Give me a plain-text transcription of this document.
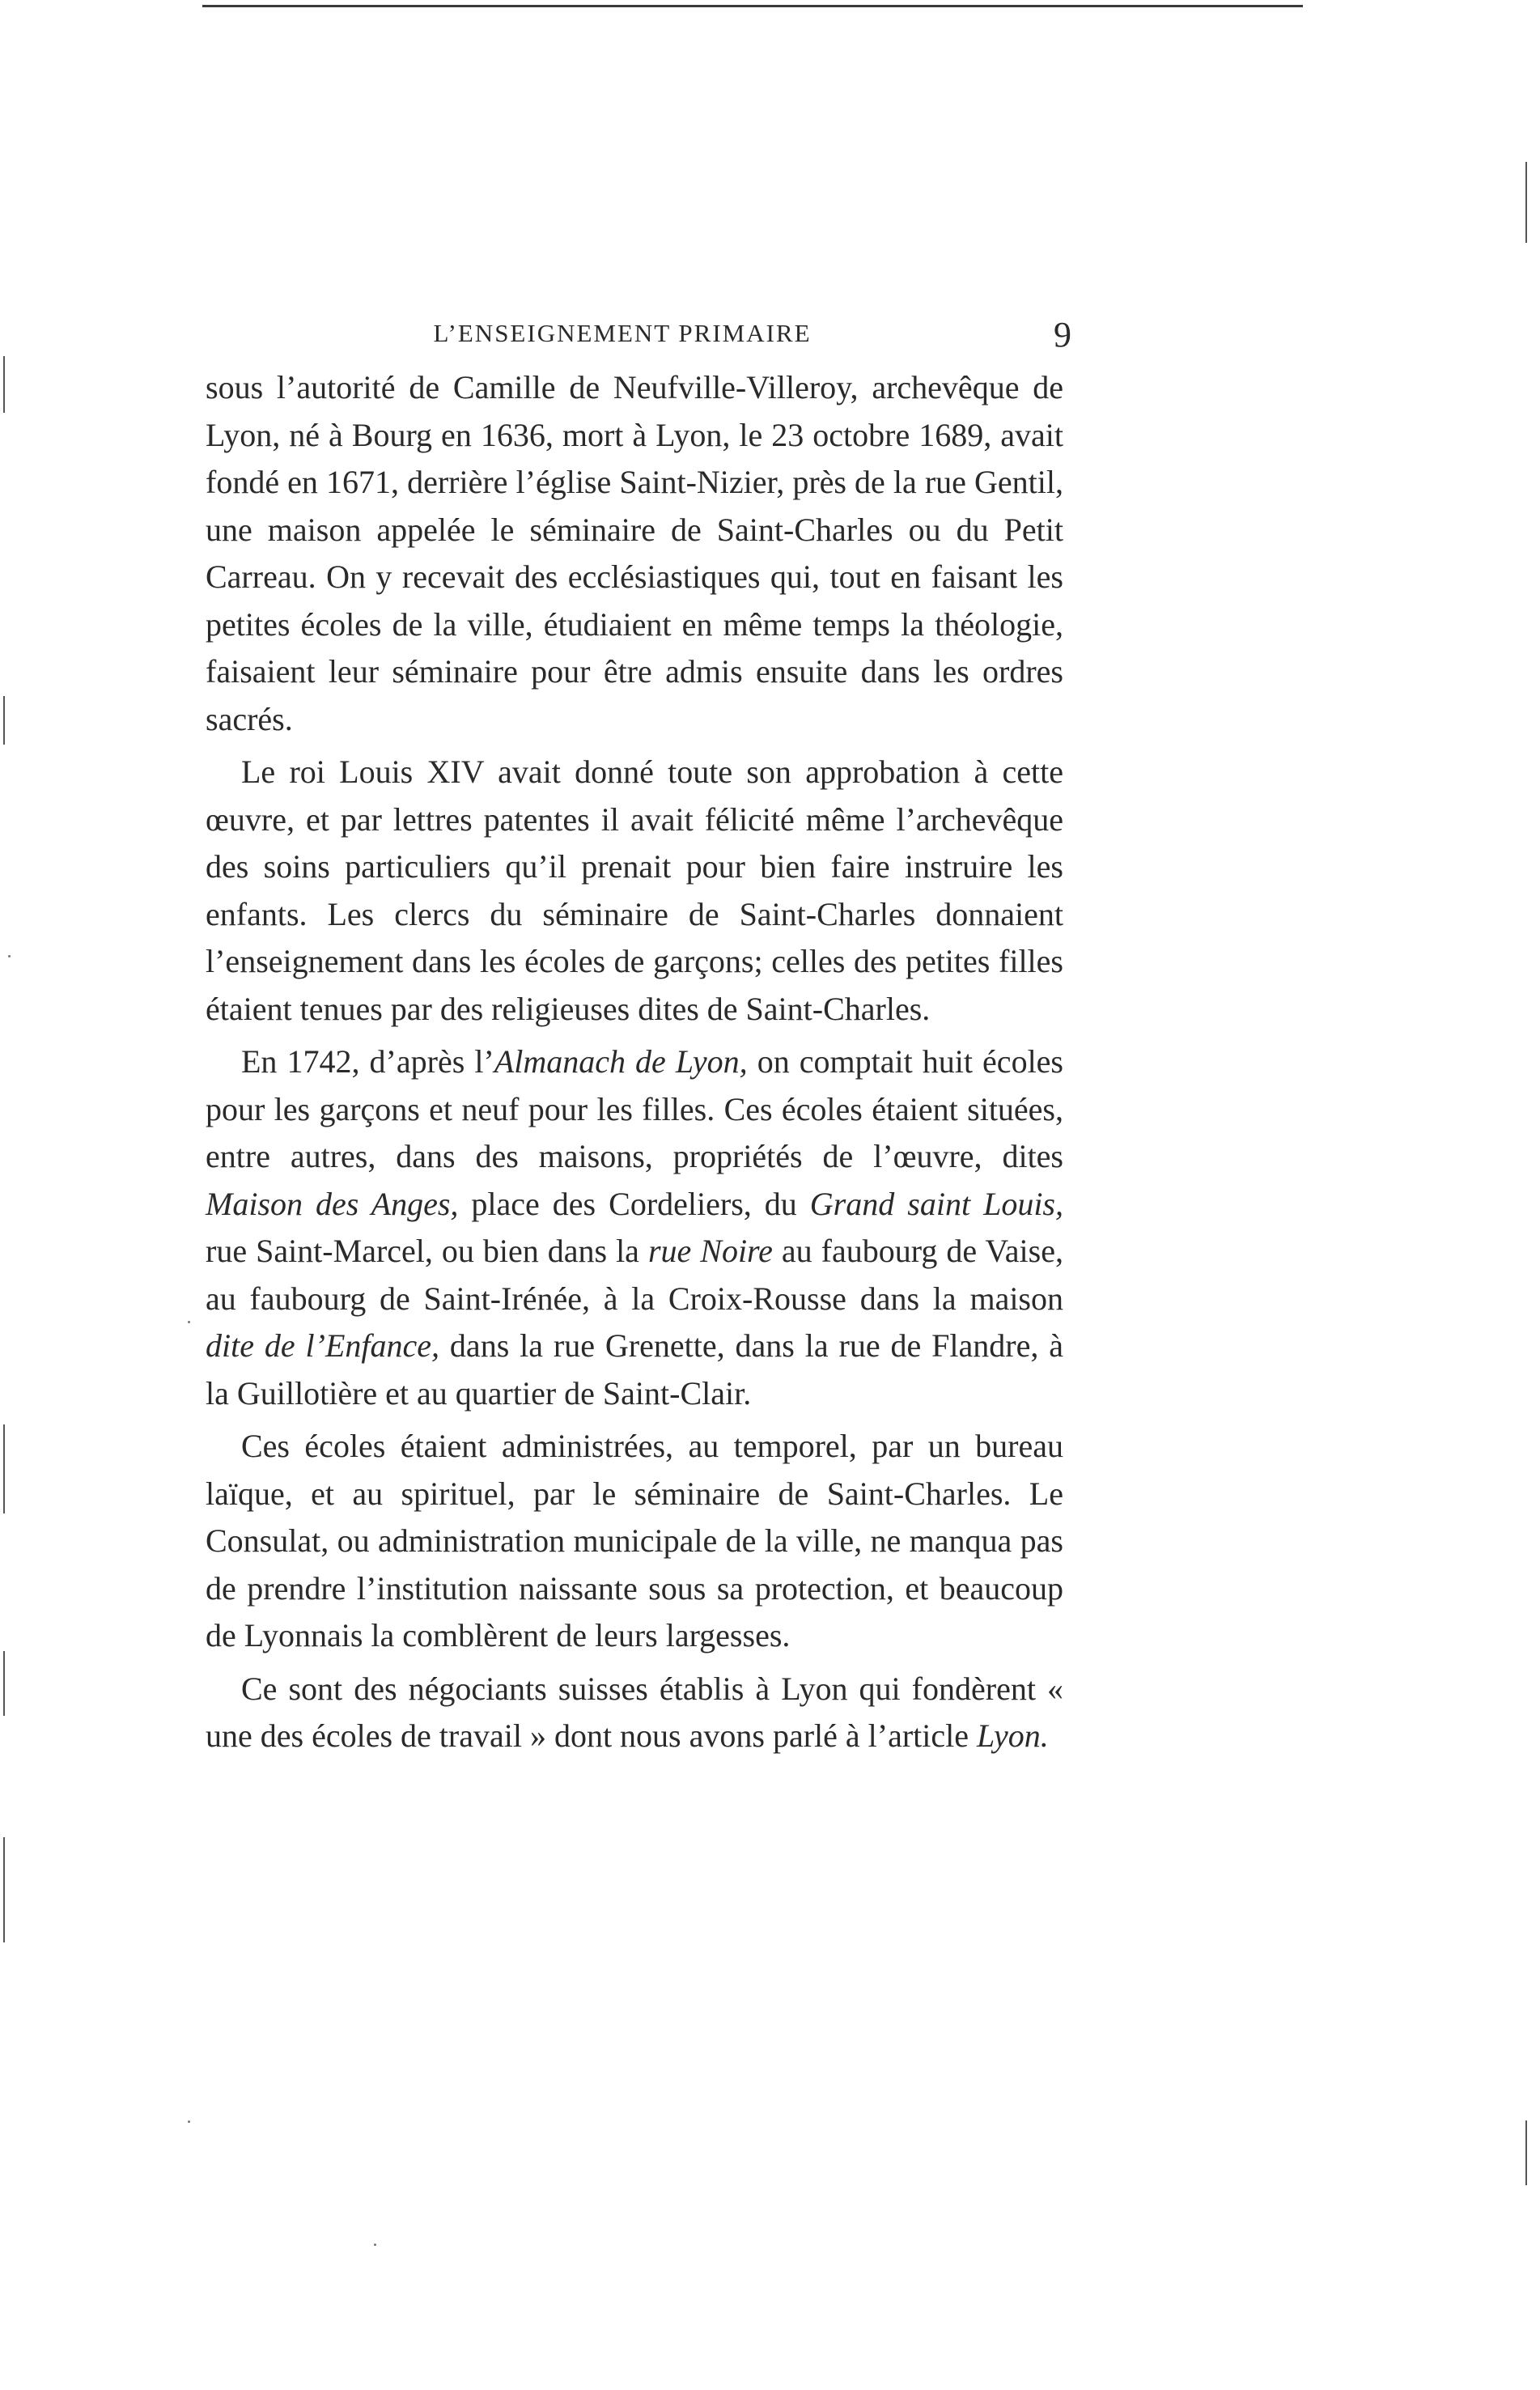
L’ENSEIGNEMENT PRIMAIRE	9

sous l’autorité de Camille de Neufville-Villeroy, archevêque de Lyon, né à Bourg en 1636, mort à Lyon, le 23 octobre 1689, avait fondé en 1671, derrière l’église Saint-Nizier, près de la rue Gentil, une maison appelée le séminaire de Saint-Charles ou du Petit Carreau. On y recevait des ecclésiastiques qui, tout en faisant les petites écoles de la ville, étudiaient en même temps la théologie, faisaient leur séminaire pour être admis ensuite dans les ordres sacrés.

Le roi Louis XIV avait donné toute son approbation à cette œuvre, et par lettres patentes il avait félicité même l’archevêque des soins particuliers qu’il prenait pour bien faire instruire les enfants. Les clercs du séminaire de Saint-Charles donnaient l’enseignement dans les écoles de garçons; celles des petites filles étaient tenues par des religieuses dites de Saint-Charles.

En 1742, d’après l’Almanach de Lyon, on comptait huit écoles pour les garçons et neuf pour les filles. Ces écoles étaient situées, entre autres, dans des maisons, propriétés de l’œuvre, dites Maison des Anges, place des Cordeliers, du Grand saint Louis, rue Saint-Marcel, ou bien dans la rue Noire au faubourg de Vaise, au faubourg de Saint-Irénée, à la Croix-Rousse dans la maison dite de l’Enfance, dans la rue Grenette, dans la rue de Flandre, à la Guillotière et au quartier de Saint-Clair.

Ces écoles étaient administrées, au temporel, par un bureau laïque, et au spirituel, par le séminaire de Saint-Charles. Le Consulat, ou administration municipale de la ville, ne manqua pas de prendre l’institution naissante sous sa protection, et beaucoup de Lyonnais la comblèrent de leurs largesses.

Ce sont des négociants suisses établis à Lyon qui fondèrent « une des écoles de travail » dont nous avons parlé à l’article Lyon.
